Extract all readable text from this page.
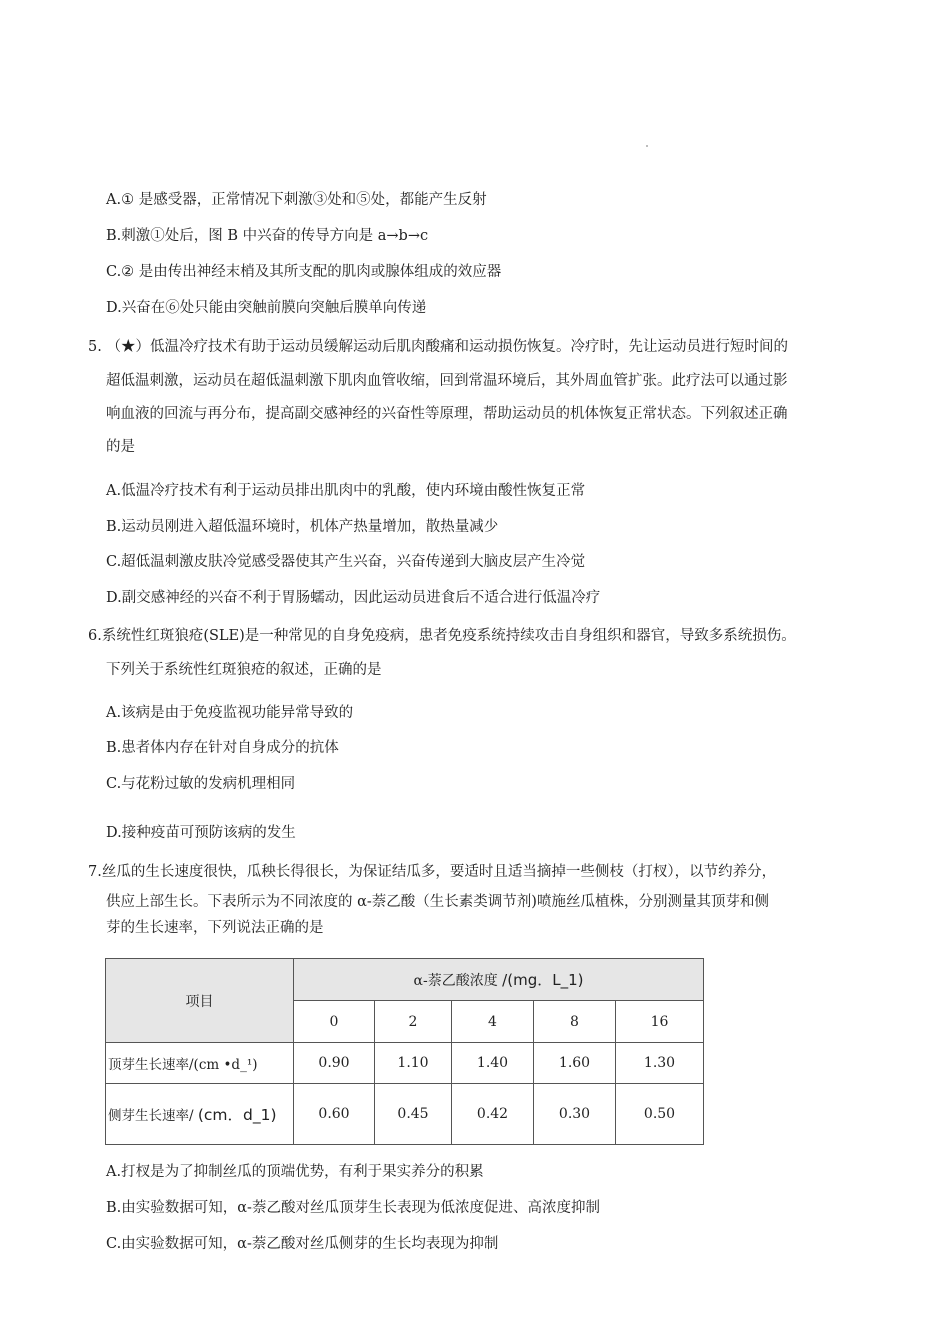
A.① 是感受器，正常情况下刺激③处和⑤处，都能产生反射
B.刺激①处后，图 B 中兴奋的传导方向是 a→b→c
C.② 是由传出神经末梢及其所支配的肌肉或腺体组成的效应器
D.兴奋在⑥处只能由突触前膜向突触后膜单向传递
5. （★）低温冷疗技术有助于运动员缓解运动后肌肉酸痛和运动损伤恢复。冷疗时，先让运动员进行短时间的
超低温刺激，运动员在超低温刺激下肌肉血管收缩，回到常温环境后，其外周血管扩张。此疗法可以通过影
响血液的回流与再分布，提高副交感神经的兴奋性等原理，帮助运动员的机体恢复正常状态。下列叙述正确
的是
A.低温冷疗技术有利于运动员排出肌肉中的乳酸，使内环境由酸性恢复正常
B.运动员刚进入超低温环境时，机体产热量增加，散热量减少
C.超低温刺激皮肤冷觉感受器使其产生兴奋，兴奋传递到大脑皮层产生冷觉
D.副交感神经的兴奋不利于胃肠蠕动，因此运动员进食后不适合进行低温冷疗
6.系统性红斑狼疮(SLE)是一种常见的自身免疫病，患者免疫系统持续攻击自身组织和器官，导致多系统损伤。
下列关于系统性红斑狼疮的叙述，正确的是
A.该病是由于免疫监视功能异常导致的
B.患者体内存在针对自身成分的抗体
C.与花粉过敏的发病机理相同
D.接种疫苗可预防该病的发生
7.丝瓜的生长速度很快，瓜秧长得很长，为保证结瓜多，要适时且适当摘掉一些侧枝（打杈），以节约养分，
供应上部生长。下表所示为不同浓度的 α-萘乙酸（生长素类调节剂)喷施丝瓜植株，分别测量其顶芽和侧
芽的生长速率，下列说法正确的是
项目	α-萘乙酸浓度 /(mg．L_1)				
	0	2	4	8	16
顶芽生长速率/(cm •d_¹)	0.90	1.10	1.40	1.60	1.30
侧芽生长速率/ (cm．d_1)	0.60	0.45	0.42	0.30	0.50
A.打杈是为了抑制丝瓜的顶端优势，有利于果实养分的积累
B.由实验数据可知，α-萘乙酸对丝瓜顶芽生长表现为低浓度促进、高浓度抑制
C.由实验数据可知，α-萘乙酸对丝瓜侧芽的生长均表现为抑制
